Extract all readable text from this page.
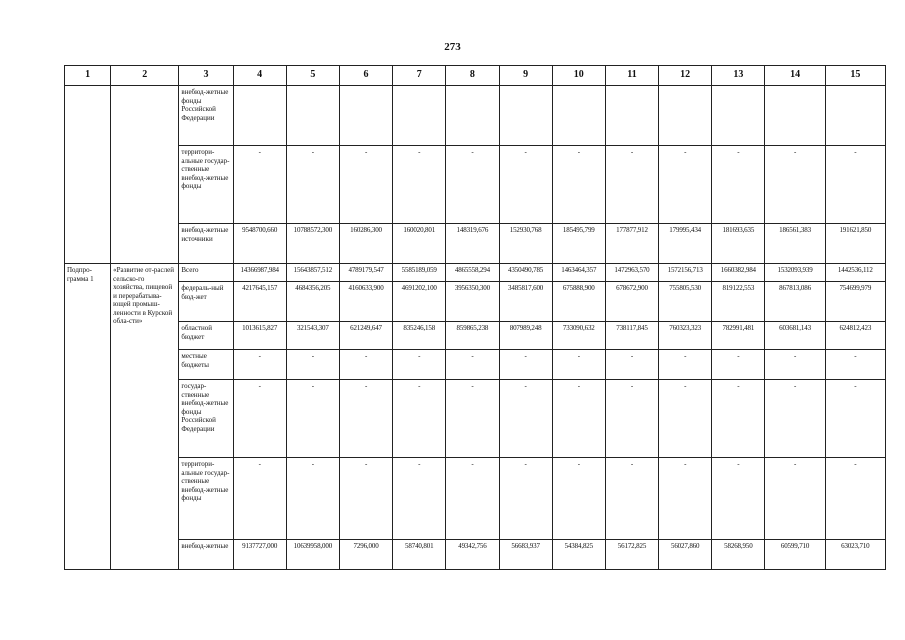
273
1	2	3	4	5	6	7	8	9	10	11	12	13	14	15
		внебюд-жетные фонды Российской Федерации												
		территори-альные государ-ственные внебюд-жетные фонды	-	-	-	-	-	-	-	-	-	-	-	-
		внебюд-жетные источники	9548700,660	10788572,300	160286,300	160020,801	148319,676	152930,768	185495,799	177877,912	179995,434	181693,635	186561,383	191621,850
Подпро-грамма 1	«Развитие от-раслей сельско-го хозяйства, пищевой и перерабатыва-ющей промыш-ленности в Курской обла-сти»	Всего	14366987,984	15643857,512	4789179,547	5585189,059	4865558,294	4350490,785	1463464,357	1472963,570	1572156,713	1660382,984	1532093,939	1442536,112
		федераль-ный бюд-жет	4217645,157	4684356,205	4160633,900	4691202,100	3956350,300	3485817,600	675888,900	678672,900	755805,530	819122,553	867813,086	754699,979
		областной бюджет	1013615,827	321543,307	621249,647	835246,158	859865,238	807989,248	733090,632	738117,845	760323,323	782991,481	603681,143	624812,423
		местные бюджеты	-	-	-	-	-	-	-	-	-	-	-	-
		государ-ственные внебюд-жетные фонды Российской Федерации	-	-	-	-	-	-	-	-	-	-	-	-
		территори-альные государ-ственные внебюд-жетные фонды	-	-	-	-	-	-	-	-	-	-	-	-
		внебюд-жетные	9137727,000	10639958,000	7296,000	58740,801	49342,756	56683,937	54384,825	56172,825	56027,860	58268,950	60599,710	63023,710
